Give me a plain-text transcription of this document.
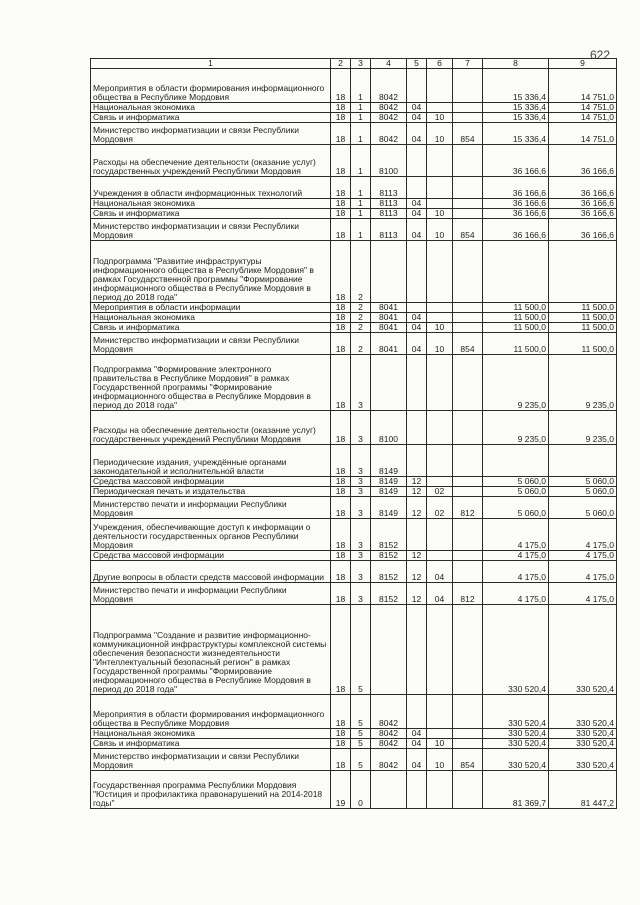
622
1	2	3	4	5	6	7	8	9
Мероприятия в области формирования информационного общества в Республике Мордовия	18	1	8042				15 336,4	14 751,0
Национальная экономика	18	1	8042	04			15 336,4	14 751,0
Связь и информатика	18	1	8042	04	10		15 336,4	14 751,0
Министерство информатизации и связи Республики Мордовия	18	1	8042	04	10	854	15 336,4	14 751,0
Расходы на обеспечение деятельности (оказание услуг) государственных учреждений Республики Мордовия	18	1	8100				36 166,6	36 166,6
Учреждения в области информационных технологий	18	1	8113				36 166,6	36 166,6
Национальная экономика	18	1	8113	04			36 166,6	36 166,6
Связь и информатика	18	1	8113	04	10		36 166,6	36 166,6
Министерство информатизации и связи Республики Мордовия	18	1	8113	04	10	854	36 166,6	36 166,6
Подпрограмма "Развитие инфраструктуры информационного общества в Республике Мордовия" в рамках Государственной программы "Формирование информационного общества в Республике Мордовия в период до 2018 года"	18	2						
Мероприятия в области информации	18	2	8041				11 500,0	11 500,0
Национальная экономика	18	2	8041	04			11 500,0	11 500,0
Связь и информатика	18	2	8041	04	10		11 500,0	11 500,0
Министерство информатизации и связи Республики Мордовия	18	2	8041	04	10	854	11 500,0	11 500,0
Подпрограмма "Формирование электронного правительства в Республике Мордовия" в рамках Государственной программы "Формирование информационного общества в Республике Мордовия в период до 2018 года"	18	3					9 235,0	9 235,0
Расходы на обеспечение деятельности (оказание услуг) государственных учреждений Республики Мордовия	18	3	8100				9 235,0	9 235,0
Периодические издания, учреждённые органами законодательной и исполнительной власти	18	3	8149					
Средства массовой информации	18	3	8149	12			5 060,0	5 060,0
Периодическая печать и издательства	18	3	8149	12	02		5 060,0	5 060,0
Министерство печати и информации Республики Мордовия	18	3	8149	12	02	812	5 060,0	5 060,0
Учреждения, обеспечивающие доступ к информации о деятельности государственных органов Республики Мордовия	18	3	8152				4 175,0	4 175,0
Средства массовой информации	18	3	8152	12			4 175,0	4 175,0
Другие вопросы в области средств массовой информации	18	3	8152	12	04		4 175,0	4 175,0
Министерство печати и информации Республики Мордовия	18	3	8152	12	04	812	4 175,0	4 175,0
Подпрограмма "Создание и развитие информационно-коммуникационной инфраструктуры комплексной системы обеспечения безопасности жизнедеятельности "Интеллектуальный безопасный регион" в рамках Государственной программы "Формирование информационного общества в Республике Мордовия в период до 2018 года"	18	5					330 520,4	330 520,4
Мероприятия в области формирования информационного общества в Республике Мордовия	18	5	8042				330 520,4	330 520,4
Национальная экономика	18	5	8042	04			330 520,4	330 520,4
Связь и информатика	18	5	8042	04	10		330 520,4	330 520,4
Министерство информатизации и связи Республики Мордовия	18	5	8042	04	10	854	330 520,4	330 520,4
Государственная программа Республики Мордовия "Юстиция и профилактика правонарушений на 2014-2018 годы"	19	0					81 369,7	81 447,2
